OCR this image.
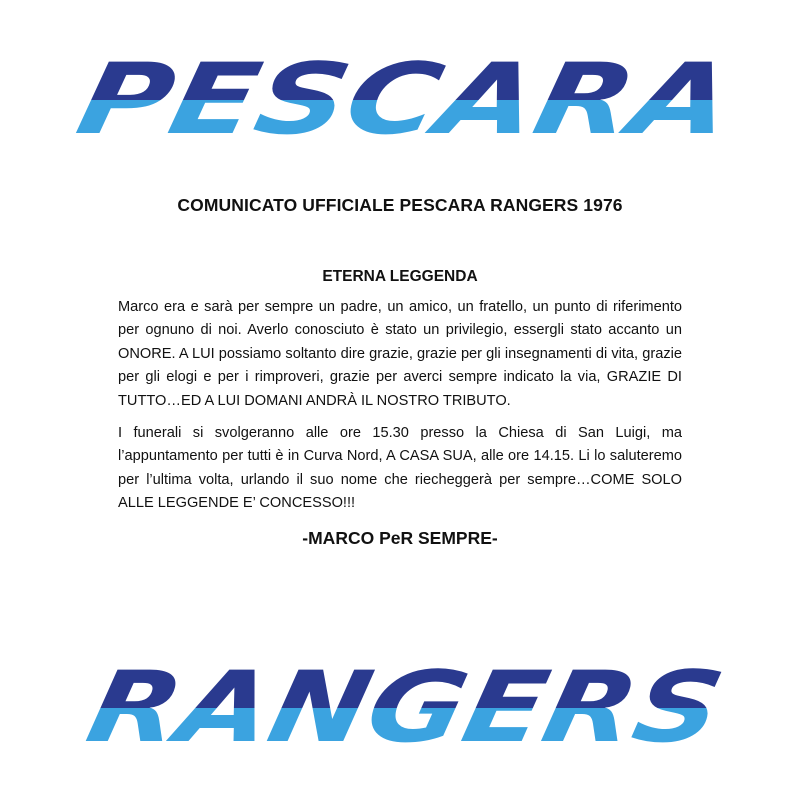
PESCARA
COMUNICATO UFFICIALE PESCARA RANGERS 1976
ETERNA LEGGENDA

Marco era e sarà per sempre un padre, un amico, un fratello, un punto di riferimento per ognuno di noi. Averlo conosciuto è stato un privilegio, essergli stato accanto un ONORE. A LUI possiamo soltanto dire grazie, grazie per gli insegnamenti di vita, grazie per gli elogi e per i rimproveri, grazie per averci sempre indicato la via, GRAZIE DI TUTTO…ED A LUI DOMANI ANDRÀ IL NOSTRO TRIBUTO.

I funerali si svolgeranno alle ore 15.30 presso la Chiesa di San Luigi, ma l’appuntamento per tutti è in Curva Nord, A CASA SUA, alle ore 14.15. Li lo saluteremo per l’ultima volta, urlando il suo nome che riecheggerà per sempre…COME SOLO ALLE LEGGENDE E’ CONCESSO!!!

-MARCO PeR SEMPRE-
RANGERS
